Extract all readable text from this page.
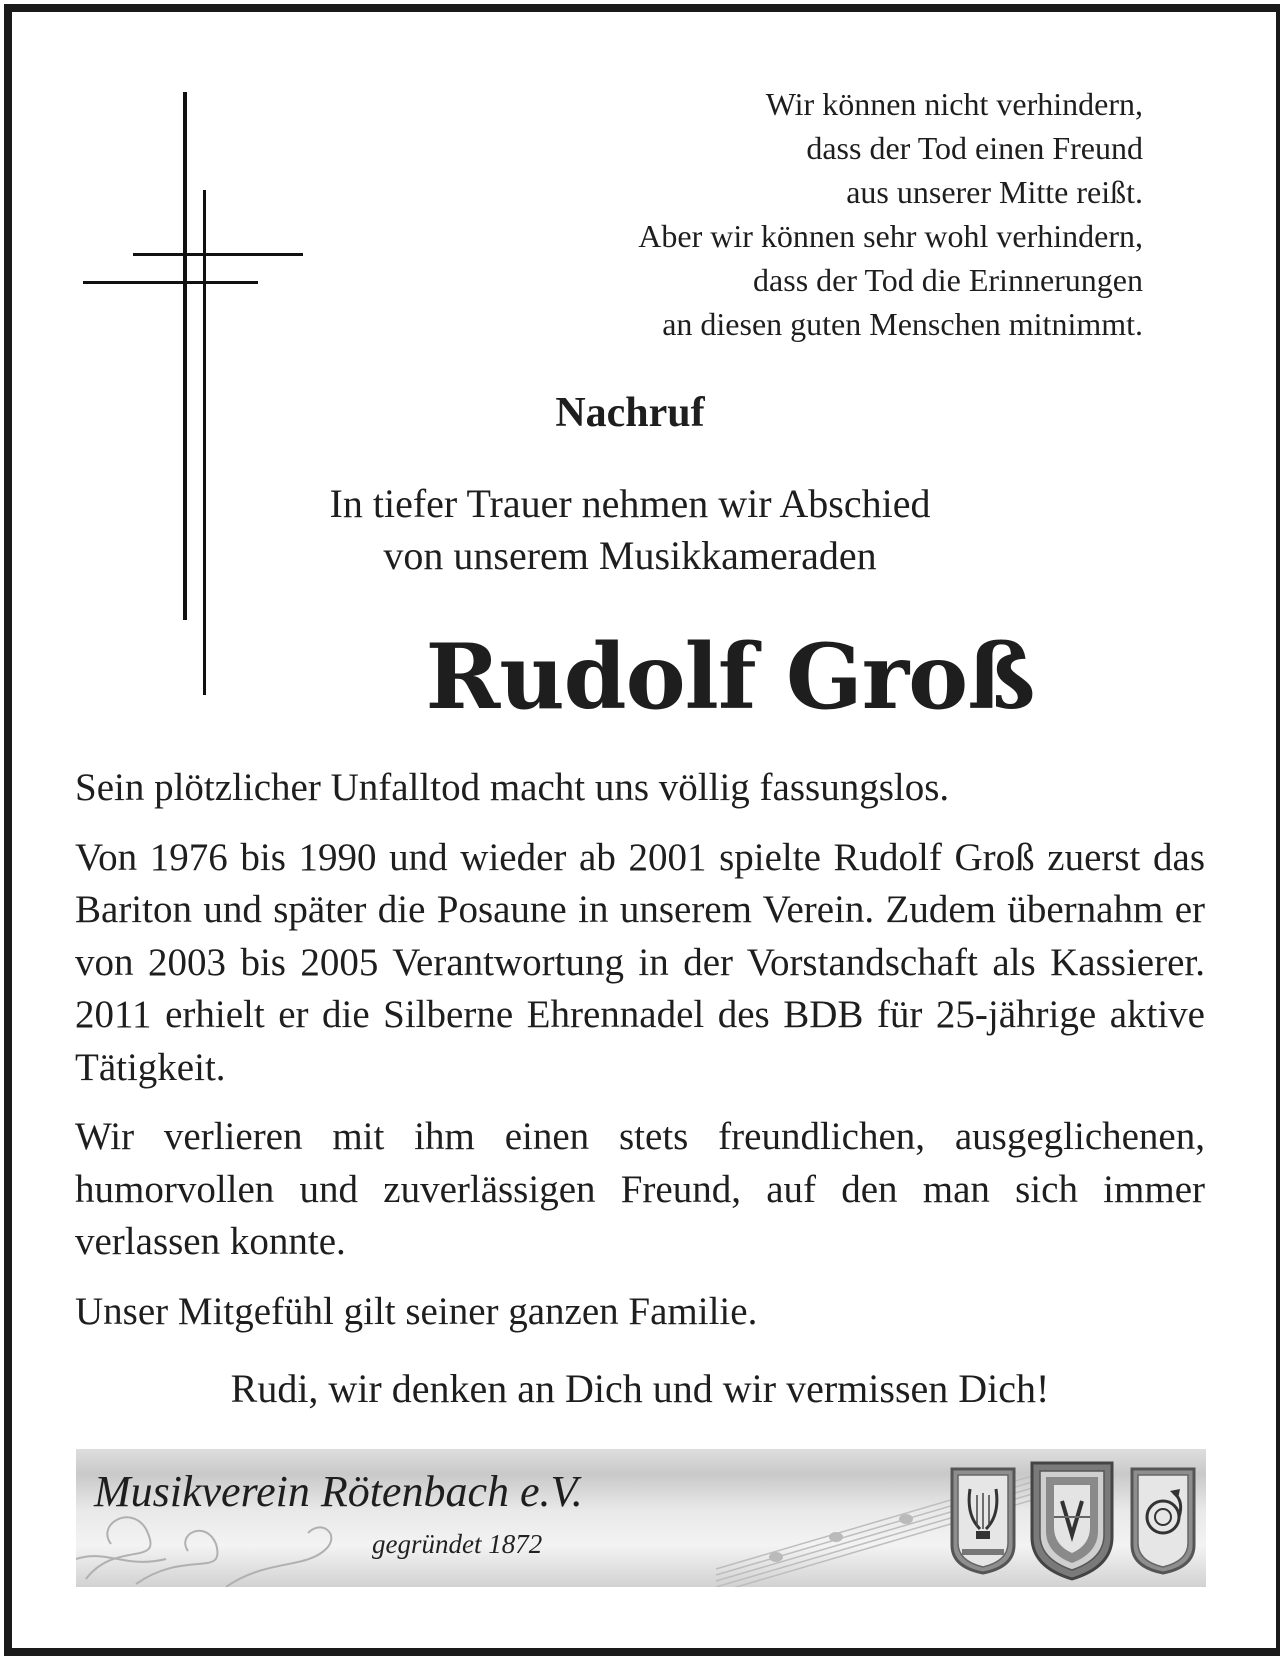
Wir können nicht verhindern,
dass der Tod einen Freund
aus unserer Mitte reißt.
Aber wir können sehr wohl verhindern,
dass der Tod die Erinnerungen
an diesen guten Menschen mitnimmt.
Nachruf
In tiefer Trauer nehmen wir Abschied
von unserem Musikkameraden
Rudolf Groß

Sein plötzlicher Unfalltod macht uns völlig fassungslos.

Von 1976 bis 1990 und wieder ab 2001 spielte Rudolf Groß zuerst das Bariton und später die Posaune in unserem Verein. Zudem übernahm er von 2003 bis 2005 Verantwortung in der Vorstandschaft als Kassierer. 2011 erhielt er die Silberne Ehrennadel des BDB für 25-jährige aktive Tätigkeit.

Wir verlieren mit ihm einen stets freundlichen, ausgeglichenen, humorvollen und zuverlässigen Freund, auf den man sich immer verlassen konnte.

Unser Mitgefühl gilt seiner ganzen Familie.

Rudi, wir denken an Dich und wir vermissen Dich!
Musikverein Rötenbach e.V.
gegründet 1872
